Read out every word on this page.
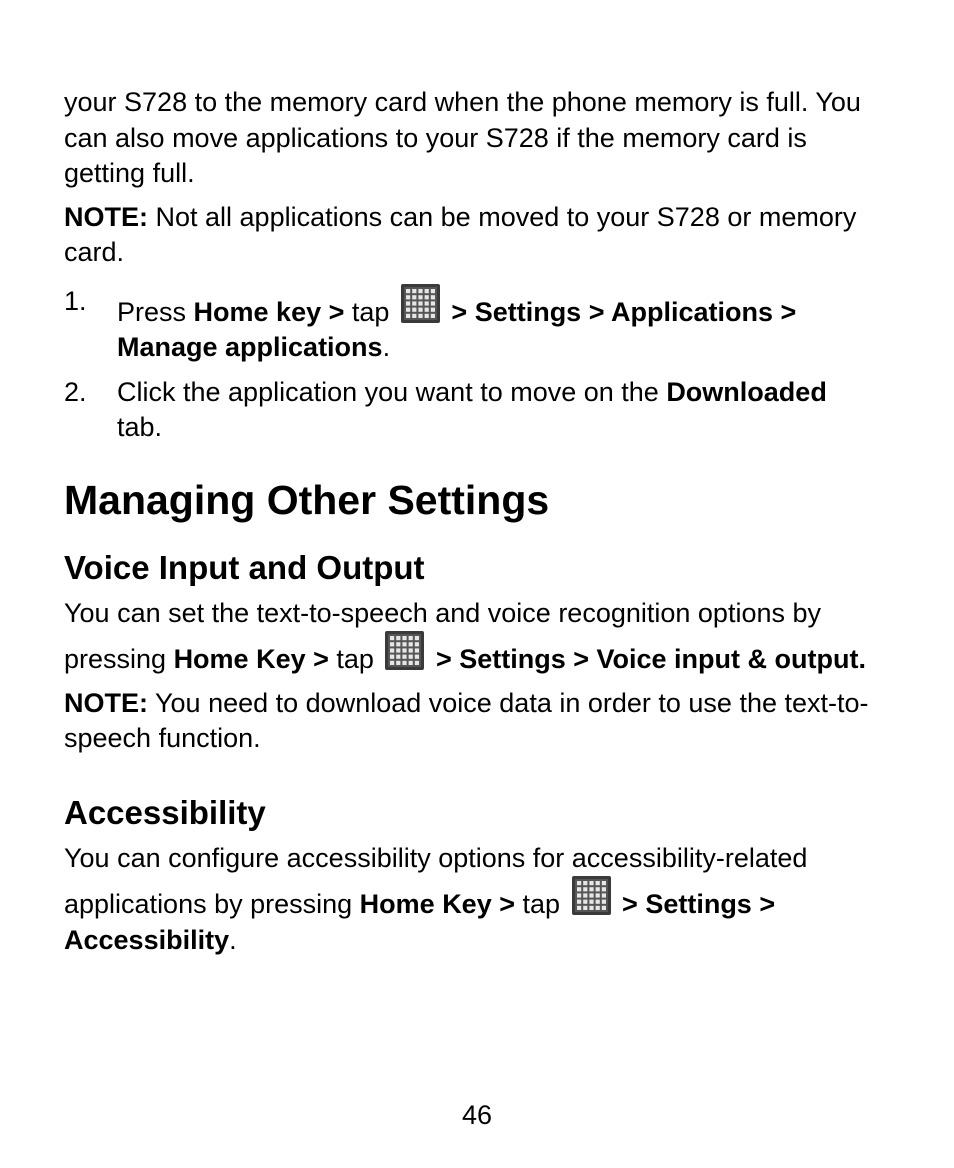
your S728 to the memory card when the phone memory is full. You can also move applications to your S728 if the memory card is getting full.

NOTE: Not all applications can be moved to your S728 or memory card.

1. Press Home key > tap  > Settings > Applications > Manage applications.
2. Click the application you want to move on the Downloaded tab.
Managing Other Settings
Voice Input and Output

You can set the text-to-speech and voice recognition options by pressing Home Key > tap  > Settings > Voice input & output.

NOTE: You need to download voice data in order to use the text-to-speech function.

Accessibility

You can configure accessibility options for accessibility-related applications by pressing Home Key > tap  > Settings > Accessibility.

46
